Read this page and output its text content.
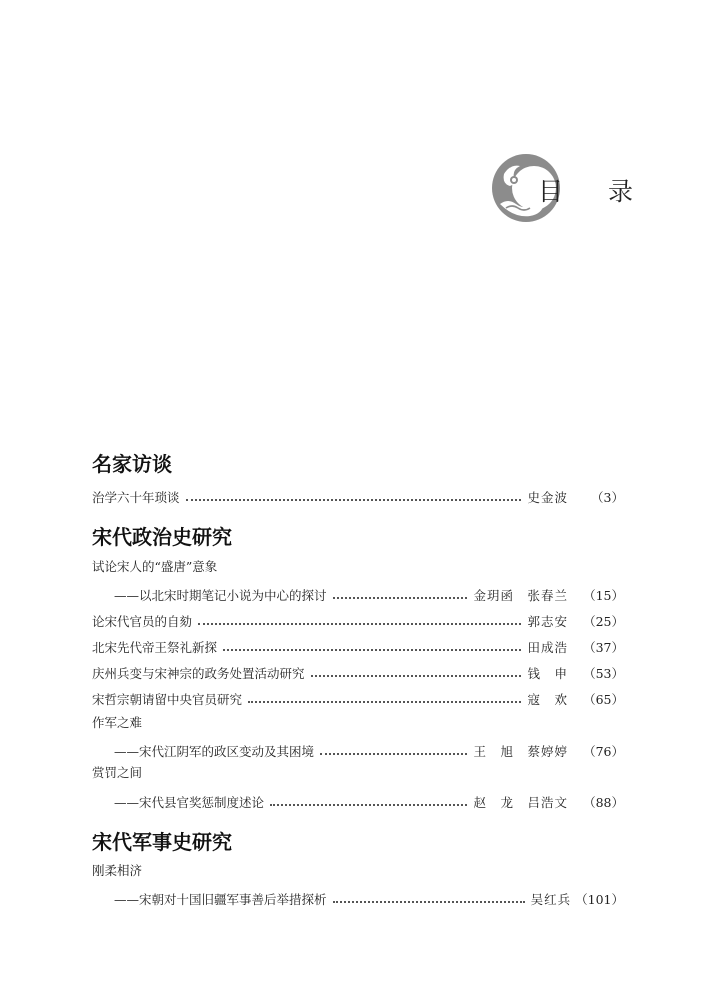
目 录
名家访谈
治学六十年琐谈	史金波	（3）
宋代政治史研究
试论宋人的“盛唐”意象
——以北宋时期笔记小说为中心的探讨	金玥函　张春兰 （15）
论宋代官员的自劾	郭志安 （25）
北宋先代帝王祭礼新探	田成浩 （37）
庆州兵变与宋神宗的政务处置活动研究	钱　申 （53）
宋哲宗朝请留中央官员研究	寇　欢 （65）
作军之难
——宋代江阴军的政区变动及其困境	王　旭　蔡婷婷 （76）
赏罚之间
——宋代县官奖惩制度述论	赵　龙　吕浩文 （88）
宋代军事史研究
刚柔相济
——宋朝对十国旧疆军事善后举措探析	吴红兵 （101）
